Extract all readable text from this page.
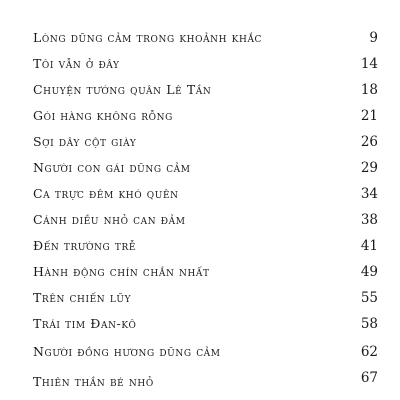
Lòng dũng cảm trong khoảnh khắc	9
Tôi vẫn ở đây	14
Chuyện tướng quân Lê Tần	18
Gói hàng không rỗng	21
Sợi dây cột giày	26
Người con gái dũng cảm	29
Ca trực đêm khó quên	34
Cánh diều nhỏ can đảm	38
Đến trường trễ	41
Hành động chín chắn nhất	49
Trên chiến lũy	55
Trái tim Đan-kô	58
Người đồng hương dũng cảm	62
Thiên thần bé nhỏ	67
